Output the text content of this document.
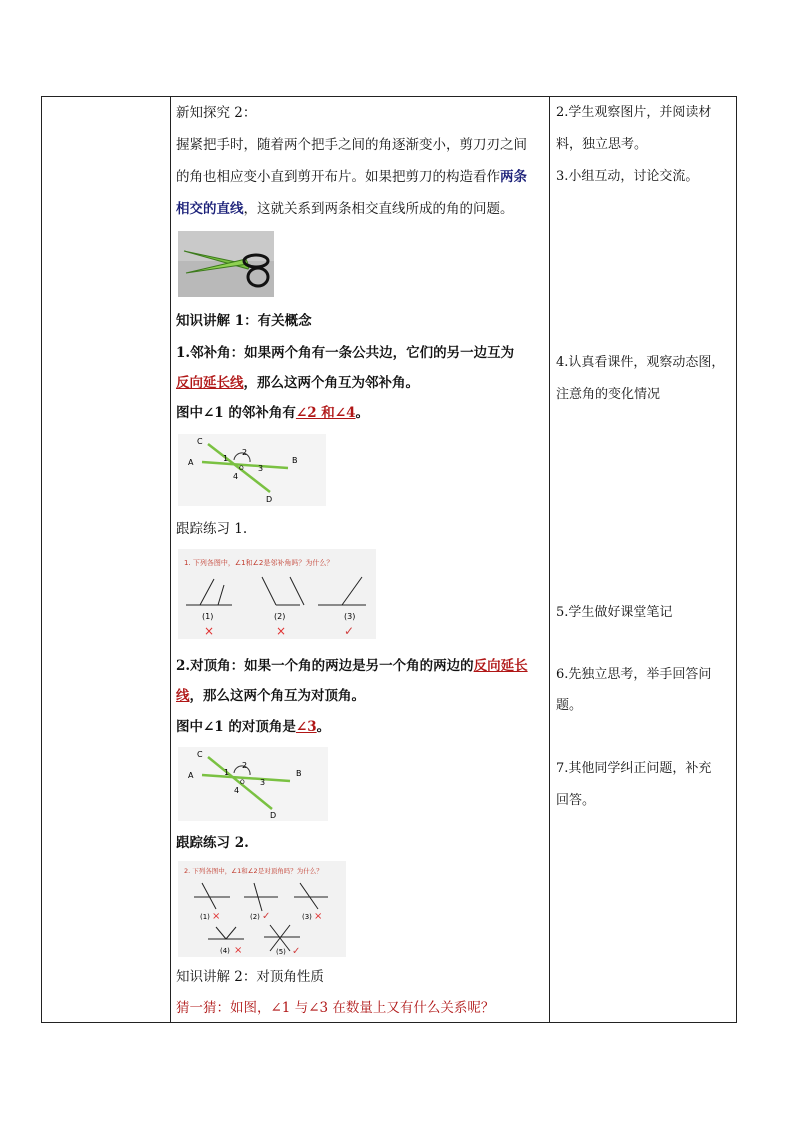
新知探究 2：
握紧把手时，随着两个把手之间的角逐渐变小，剪刀刃之间
的角也相应变小直到剪开布片。如果把剪刀的构造看作两条
相交的直线，这就关系到两条相交直线所成的角的问题。
知识讲解 1：有关概念
1.邻补角：如果两个角有一条公共边，它们的另一边互为
反向延长线，那么这两个角互为邻补角。
图中∠1 的邻补角有∠2 和∠4。
C
A	B
D
1
2
3
4
O
跟踪练习 1.
1. 下列各图中，∠1和∠2是邻补角吗？为什么？
(1)	(2)	(3)
×	×	✓
2.对顶角：如果一个角的两边是另一个角的两边的反向延长
线，那么这两个角互为对顶角。
图中∠1 的对顶角是∠3。
C
A	B
D
1
2
3
4
O
跟踪练习 2.
2. 下列各图中，∠1和∠2是对顶角吗？为什么？
(1)	(2)	(3)
×	✓	×
(4)	(5)
×	✓
知识讲解 2：对顶角性质
猜一猜：如图，∠1 与∠3 在数量上又有什么关系呢？
2.学生观察图片，并阅读材
料，独立思考。
3.小组互动，讨论交流。
4.认真看课件，观察动态图，
注意角的变化情况
5.学生做好课堂笔记
6.先独立思考，举手回答问
题。
7.其他同学纠正问题，补充
回答。
